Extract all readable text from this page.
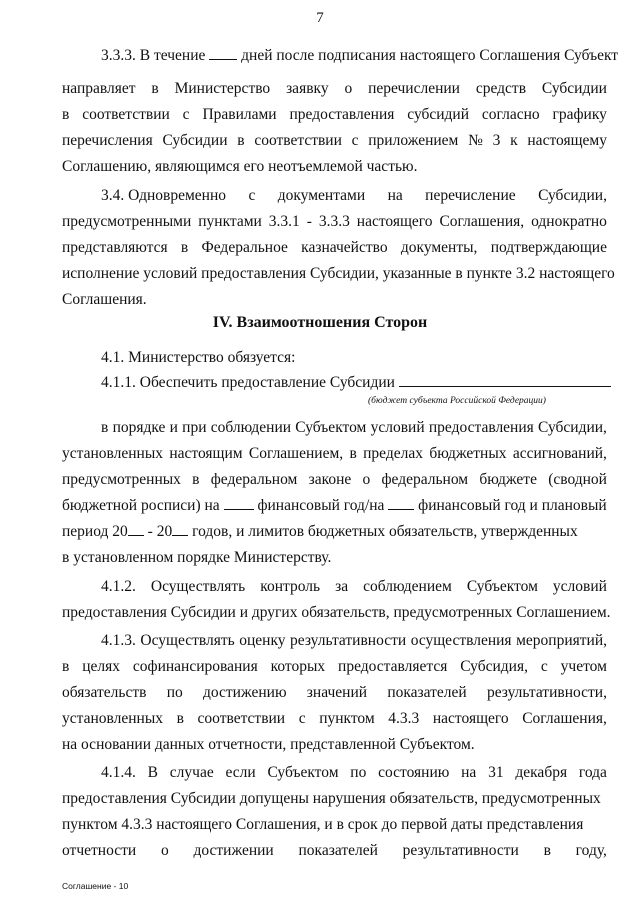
7
3.3.3. В течение дней после подписания настоящего Соглашения Субъект
направляет в Министерство заявку о перечислении средств Субсидии
в соответствии с Правилами предоставления субсидий согласно графику
перечисления Субсидии в соответствии с приложением № 3 к настоящему
Соглашению, являющимся его неотъемлемой частью.
3.4. Одновременно с документами на перечисление Субсидии,
предусмотренными пунктами 3.3.1 - 3.3.3 настоящего Соглашения, однократно
представляются в Федеральное казначейство документы, подтверждающие
исполнение условий предоставления Субсидии, указанные в пункте 3.2 настоящего
Соглашения.
IV. Взаимоотношения Сторон
4.1. Министерство обязуется:
4.1.1. Обеспечить предоставление Субсидии
(бюджет субъекта Российской Федерации)
в порядке и при соблюдении Субъектом условий предоставления Субсидии,
установленных настоящим Соглашением, в пределах бюджетных ассигнований,
предусмотренных в федеральном законе о федеральном бюджете (сводной
бюджетной росписи) на финансовый год/на финансовый год и плановый
период 20 - 20 годов, и лимитов бюджетных обязательств, утвержденных
в установленном порядке Министерству.
4.1.2. Осуществлять контроль за соблюдением Субъектом условий
предоставления Субсидии и других обязательств, предусмотренных Соглашением.
4.1.3. Осуществлять оценку результативности осуществления мероприятий,
в целях софинансирования которых предоставляется Субсидия, с учетом
обязательств по достижению значений показателей результативности,
установленных в соответствии с пунктом 4.3.3 настоящего Соглашения,
на основании данных отчетности, представленной Субъектом.
4.1.4. В случае если Субъектом по состоянию на 31 декабря года
предоставления Субсидии допущены нарушения обязательств, предусмотренных
пунктом 4.3.3 настоящего Соглашения, и в срок до первой даты представления
отчетности о достижении показателей результативности в году,
Соглашение - 10
